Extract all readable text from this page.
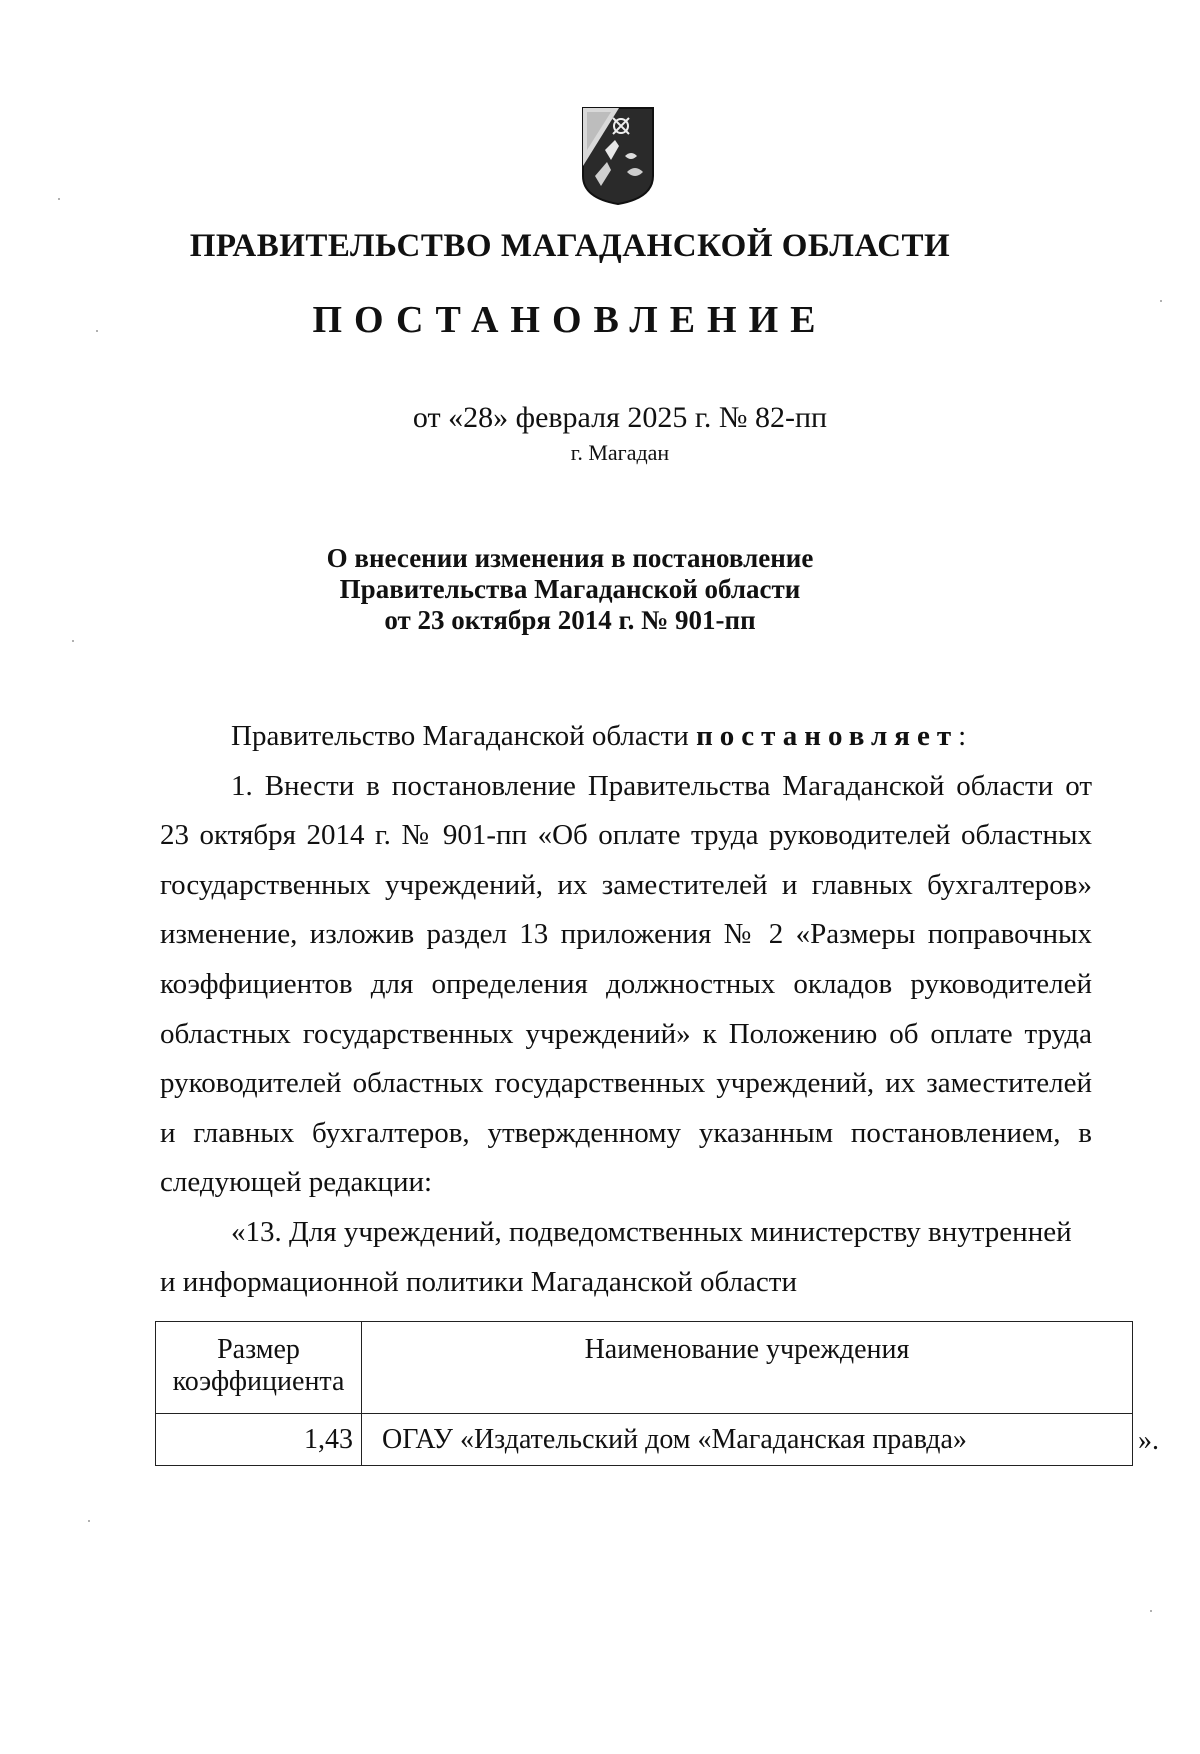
ПРАВИТЕЛЬСТВО МАГАДАНСКОЙ ОБЛАСТИ
ПОСТАНОВЛЕНИЕ
от «28» февраля 2025 г. № 82-пп
г. Магадан
О внесении изменения в постановление
Правительства Магаданской области
от 23 октября 2014 г. № 901-пп

Правительство Магаданской области постановляет:

1. Внести в постановление Правительства Магаданской области от 23 октября 2014 г. № 901-пп «Об оплате труда руководителей областных государственных учреждений, их заместителей и главных бухгалтеров» изменение, изложив раздел 13 приложения № 2 «Размеры поправочных коэффициентов для определения должностных окладов руководителей областных государственных учреждений» к Положению об оплате труда руководителей областных государственных учреждений, их заместителей и главных бухгалтеров, утвержденному указанным постановлением, в следующей редакции:

«13. Для учреждений, подведомственных министерству внутренней и информационной политики Магаданской области

Размер
коэффициента	Наименование учреждения
1,43	ОГАУ «Издательский дом «Магаданская правда»	».
